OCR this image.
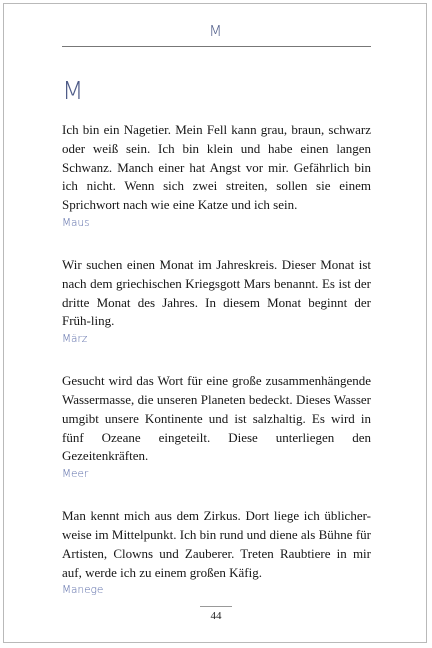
M
M

Ich bin ein Nagetier. Mein Fell kann grau, braun, schwarz oder weiß sein. Ich bin klein und habe einen langen Schwanz. Manch einer hat Angst vor mir. Gefährlich bin ich nicht. Wenn sich zwei streiten, sollen sie einem Sprichwort nach wie eine Katze und ich sein.

Maus

Wir suchen einen Monat im Jahreskreis. Dieser Monat ist nach dem griechischen Kriegsgott Mars benannt. Es ist der dritte Monat des Jahres. In diesem Monat beginnt der Früh-ling.

März

Gesucht wird das Wort für eine große zusammenhängende Wassermasse, die unseren Planeten bedeckt. Dieses Wasser umgibt unsere Kontinente und ist salzhaltig. Es wird in fünf Ozeane eingeteilt. Diese unterliegen den Gezeitenkräften.

Meer

Man kennt mich aus dem Zirkus. Dort liege ich üblicher-weise im Mittelpunkt. Ich bin rund und diene als Bühne für Artisten, Clowns und Zauberer. Treten Raubtiere in mir auf, werde ich zu einem großen Käfig.

Manege

44
